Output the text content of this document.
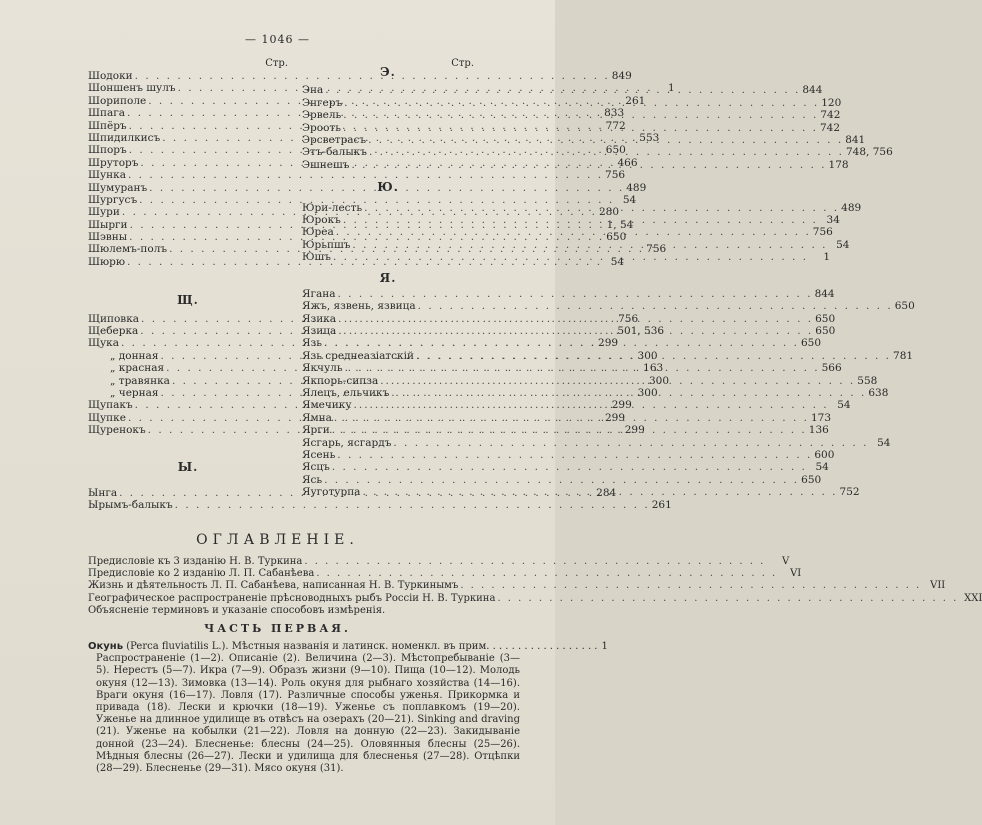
— 1046 —
Стр.
Шодоки . . .	849
Шоншенъ шулъ . . .	1
Шориполе . . .	261
Шпага . . .	833
Шпёръ . . .	772
Шпидилкисъ . . .	553
Шпоръ . . .	650
Шрутоpъ . . .	466
Шунка . . .	756
Шумуранъ . . .	489
Шургусъ . . .	54
Шури . . .	280
Шырги . . .	1, 54
Шэвны . . .	650
Шюлемъ-полъ . . .	756
Шюрю . . .	54
Щ.
Щиповка . . .	756
Щеберка . . .	501, 536
Щука . . .	299
„ донная . . .	300
„ красная . . .	163
„ травянка . . .	300
„ черная . . .	300
Щупакъ . . .	299
Щупке . . .	299
Щуренокъ . . .	299
Ы.
Ынга . . .	284
Ырымъ-балыкъ . . .	261
Стр.
Э.
Эна . . .	844
Энгеръ . . .	120
Эрвель . . .	742
Эрооть . . .	742
Эрсветрасъ . . .	841
Этъ-балыкъ . . .	748, 756
Эшнешъ . . .	178
Ю.
Юри-лесть . . .	489
Юрокъ . . .	34
Юреа . . .	756
Юрьпшъ . . .	54
Юшъ . . .	1
Я.
Ягана . . .	844
Яжъ, язвень, язвица . . .	650
Язика . . .	650
Язица . . .	650
Язь . . .	650
Язь среднеазіатскій . . .	781
Якчуль . . .	566
Якпорь-сипза . . .	558
Ялецъ, ельчикъ . . .	638
Ямечику . . .	54
Ямна . . .	173
Ярги . . .	136
Ясгарь, ясгардъ . . .	54
Ясень . . .	600
Ясцъ . . .	54
Ясь . . .	650
Яуготурпа . . .	752
ОГЛАВЛЕНІЕ.
Предисловіе къ 3 изданію Н. В. Туркина . . .	V
Предисловіе ко 2 изданію Л. П. Сабанѣева . . .	VI
Жизнь и дѣятельность Л. П. Сабанѣева, написанная Н. В. Туркинымъ . . .	VII
Географическое распространеніе прѣсноводныхъ рыбъ Россіи Н. В. Туркина . . .	XXI
Объясненіе терминовъ и указаніе способовъ измѣренія.
ЧАСТЬ ПЕРВАЯ.
Окунь (Perca fluviatilis L.). Мѣстныя названія и латинск. номенкл. въ прим. . . . . . . . . . . . . . . . . . 1
Распространеніе (1—2). Описаніе (2). Величина (2—3). Мѣстопребываніе (3—5). Нерестъ (5—7). Икра (7—9). Образъ жизни (9—10). Пища (10—12). Молодь окуня (12—13). Зимовка (13—14). Роль окуня для рыбнаго хозяйства (14—16). Враги окуня (16—17). Ловля (17). Различные способы уженья. Прикормка и привада (18). Лески и крючки (18—19). Уженье съ поплавкомъ (19—20). Уженье на длинное удилище въ отвѣсъ на озерахъ (20—21). Sinking and draving (21). Уженье на кобылки (21—22). Ловля на донную (22—23). Закидываніе донной (23—24). Блесненье: блесны (24—25). Оловянныя блесны (25—26). Мѣдныя блесны (26—27). Лески и удилища для блесненья (27—28). Отцѣпки (28—29). Блесненье (29—31). Мясо окуня (31).
